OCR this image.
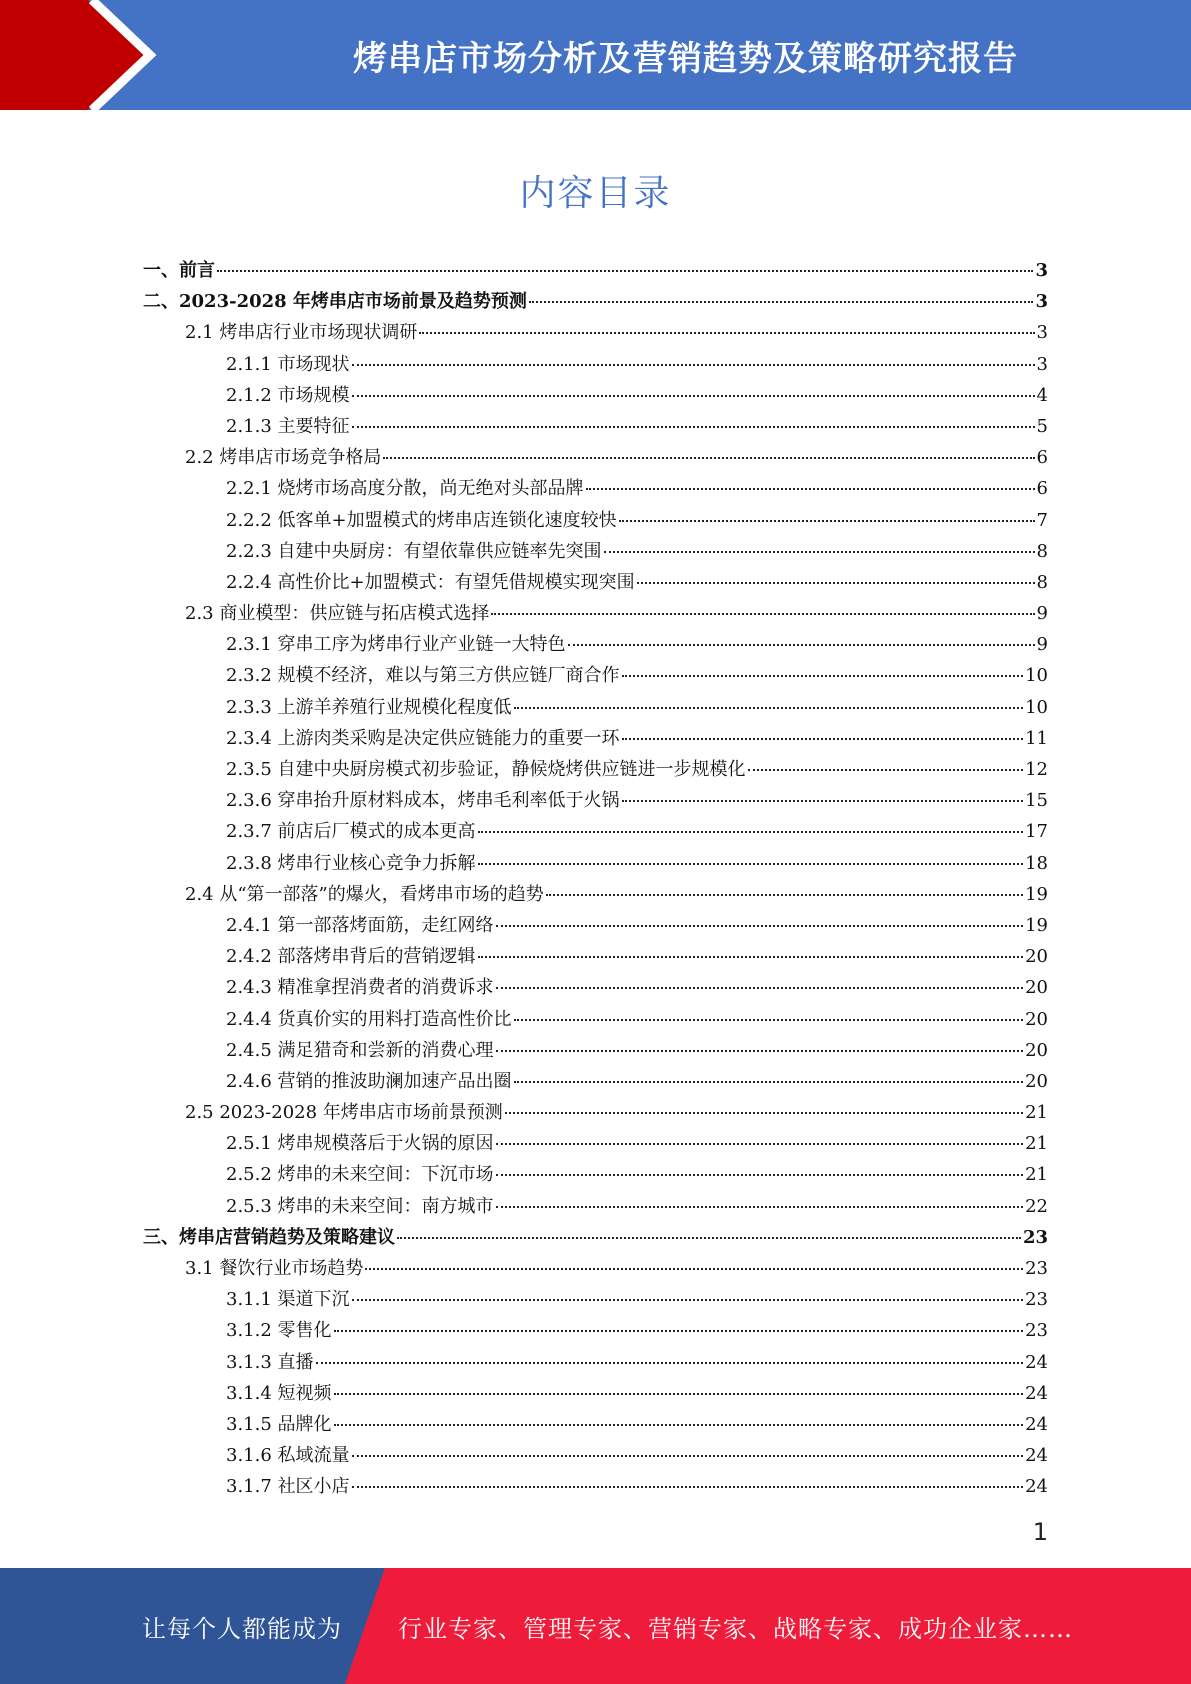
烤串店市场分析及营销趋势及策略研究报告
内容目录
一、前言	3
二、2023-2028 年烤串店市场前景及趋势预测	3
2.1 烤串店行业市场现状调研	3
2.1.1 市场现状	3
2.1.2 市场规模	4
2.1.3 主要特征	5
2.2 烤串店市场竞争格局	6
2.2.1 烧烤市场高度分散，尚无绝对头部品牌	6
2.2.2 低客单+加盟模式的烤串店连锁化速度较快	7
2.2.3 自建中央厨房：有望依靠供应链率先突围	8
2.2.4 高性价比+加盟模式：有望凭借规模实现突围	8
2.3 商业模型：供应链与拓店模式选择	9
2.3.1 穿串工序为烤串行业产业链一大特色	9
2.3.2 规模不经济，难以与第三方供应链厂商合作	10
2.3.3 上游羊养殖行业规模化程度低	10
2.3.4 上游肉类采购是决定供应链能力的重要一环	11
2.3.5 自建中央厨房模式初步验证，静候烧烤供应链进一步规模化	12
2.3.6 穿串抬升原材料成本，烤串毛利率低于火锅	15
2.3.7 前店后厂模式的成本更高	17
2.3.8 烤串行业核心竞争力拆解	18
2.4 从“第一部落”的爆火，看烤串市场的趋势	19
2.4.1 第一部落烤面筋，走红网络	19
2.4.2 部落烤串背后的营销逻辑	20
2.4.3 精准拿捏消费者的消费诉求	20
2.4.4 货真价实的用料打造高性价比	20
2.4.5 满足猎奇和尝新的消费心理	20
2.4.6 营销的推波助澜加速产品出圈	20
2.5 2023-2028 年烤串店市场前景预测	21
2.5.1 烤串规模落后于火锅的原因	21
2.5.2 烤串的未来空间：下沉市场	21
2.5.3 烤串的未来空间：南方城市	22
三、烤串店营销趋势及策略建议	23
3.1 餐饮行业市场趋势	23
3.1.1 渠道下沉	23
3.1.2 零售化	23
3.1.3 直播	24
3.1.4 短视频	24
3.1.5 品牌化	24
3.1.6 私域流量	24
3.1.7 社区小店	24
1
让每个人都能成为 行业专家、管理专家、营销专家、战略专家、成功企业家……
